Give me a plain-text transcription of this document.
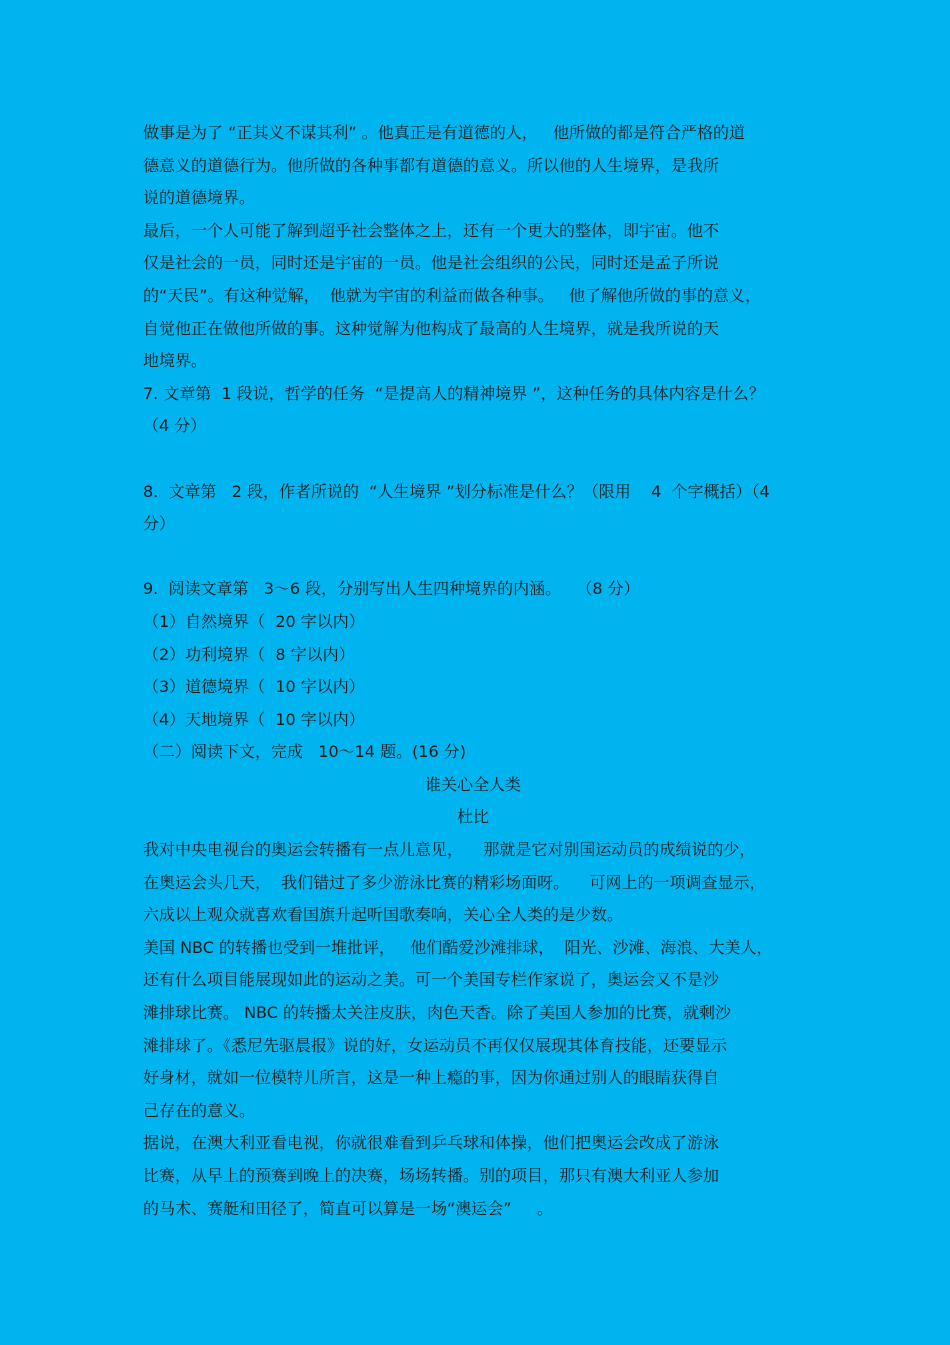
做事是为了 “正其义不谋其利” 。他真正是有道德的人，   他所做的都是符合严格的道
德意义的道德行为。他所做的各种事都有道德的意义。所以他的人生境界，是我所
说的道德境界。
最后，一个人可能了解到超乎社会整体之上，还有一个更大的整体，即宇宙。他不
仅是社会的一员，同时还是宇宙的一员。他是社会组织的公民，同时还是孟子所说
的“天民”。有这种觉解，  他就为宇宙的利益而做各种事。   他了解他所做的事的意义，
自觉他正在做他所做的事。这种觉解为他构成了最高的人生境界，就是我所说的天
地境界。
7. 文章第  1 段说，哲学的任务  “是提高人的精神境界 ”，这种任务的具体内容是什么？
（4 分）
8.  文章第   2 段，作者所说的  “人生境界 ”划分标准是什么？（限用    4  个字概括）（4
分）
9.  阅读文章第   3～6 段，分别写出人生四种境界的内涵。   （8 分）
（1）自然境界（  20 字以内）
（2）功利境界（  8 字以内）
（3）道德境界（  10 字以内）
（4）天地境界（  10 字以内）
（二）阅读下文，完成   10～14 题。(16 分)
谁关心全人类
杜比
我对中央电视台的奥运会转播有一点儿意见，    那就是它对别国运动员的成绩说的少，
在奥运会头几天，  我们错过了多少游泳比赛的精彩场面呀。    可网上的一项调查显示，
六成以上观众就喜欢看国旗升起听国歌奏响，关心全人类的是少数。
美国 NBC 的转播也受到一堆批评，   他们酷爱沙滩排球，  阳光、沙滩、海浪、大美人，
还有什么项目能展现如此的运动之美。可一个美国专栏作家说了，奥运会又不是沙
滩排球比赛。 NBC 的转播太关注皮肤，肉色天香。除了美国人参加的比赛，就剩沙
滩排球了。《悉尼先驱晨报》说的好，女运动员不再仅仅展现其体育技能，还要显示
好身材，就如一位模特儿所言，这是一种上瘾的事，因为你通过别人的眼睛获得自
己存在的意义。
据说，在澳大利亚看电视，你就很难看到乒乓球和体操，他们把奥运会改成了游泳
比赛，从早上的预赛到晚上的决赛，场场转播。别的项目，那只有澳大利亚人参加
的马术、赛艇和田径了，简直可以算是一场“澳运会”     。
